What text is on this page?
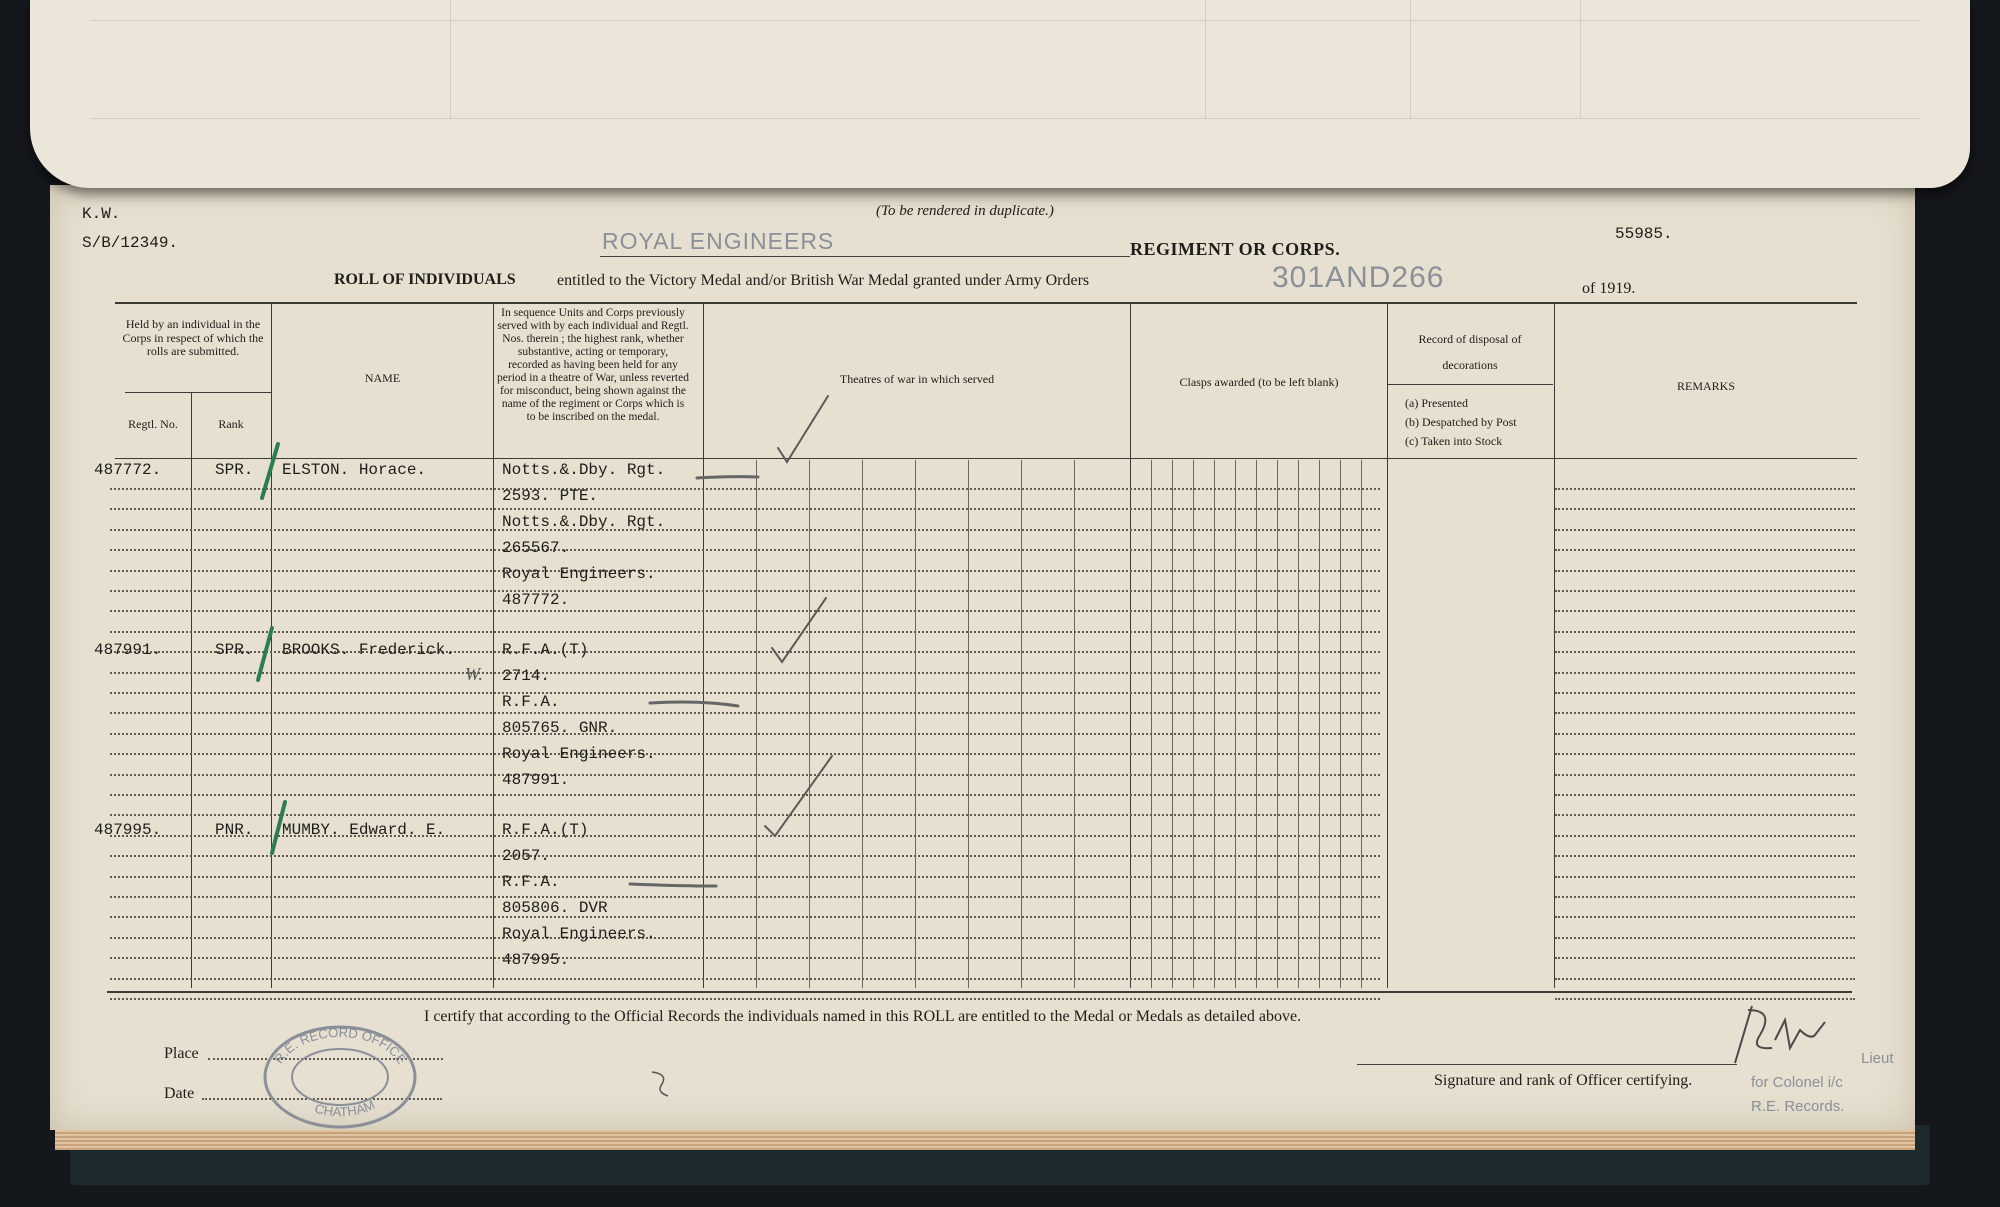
K.W.
S/B/12349.
(To be rendered in duplicate.)
ROYAL ENGINEERS	REGIMENT OR CORPS.
55985.
ROLL OF INDIVIDUALS	entitled to the Victory Medal and/or British War Medal granted under Army Orders	301AND266	of 1919.
Held by an individual in the Corps in respect of which the rolls are submitted.
Regtl. No.	Rank
NAME
In sequence Units and Corps previously served with by each individual and Regtl. Nos. therein ; the highest rank, whether substantive, acting or temporary, recorded as having been held for any period in a theatre of War, unless reverted for misconduct, being shown against the name of the regiment or Corps which is to be inscribed on the medal.
Theatres of war in which served	Clasps awarded (to be left blank)
Record of disposal of decorations
(a) Presented
(b) Despatched by Post
(c) Taken into Stock
REMARKS
487772.	SPR. ELSTON. Horace.	Notts.&.Dby. Rgt.
2593. PTE.
Notts.&.Dby. Rgt.
265567.
Royal Engineers.
487772.
487991.	SPR. BROOKS. Frederick.
W.
R.F.A.(T)
2714.
R.F.A.
805765. GNR.
Royal Engineers.
487991.
487995.	PNR. MUMBY. Edward. E.	R.F.A.(T)
2057.
R.F.A.
805806. DVR
Royal Engineers.
487995.
I certify that according to the Official Records the individuals named in this ROLL are entitled to the Medal or Medals as detailed above.
Place
Date
R.E. RECORD OFFICE
CHATHAM
Signature and rank of Officer certifying.
Lieut
for Colonel i/c
R.E. Records.
